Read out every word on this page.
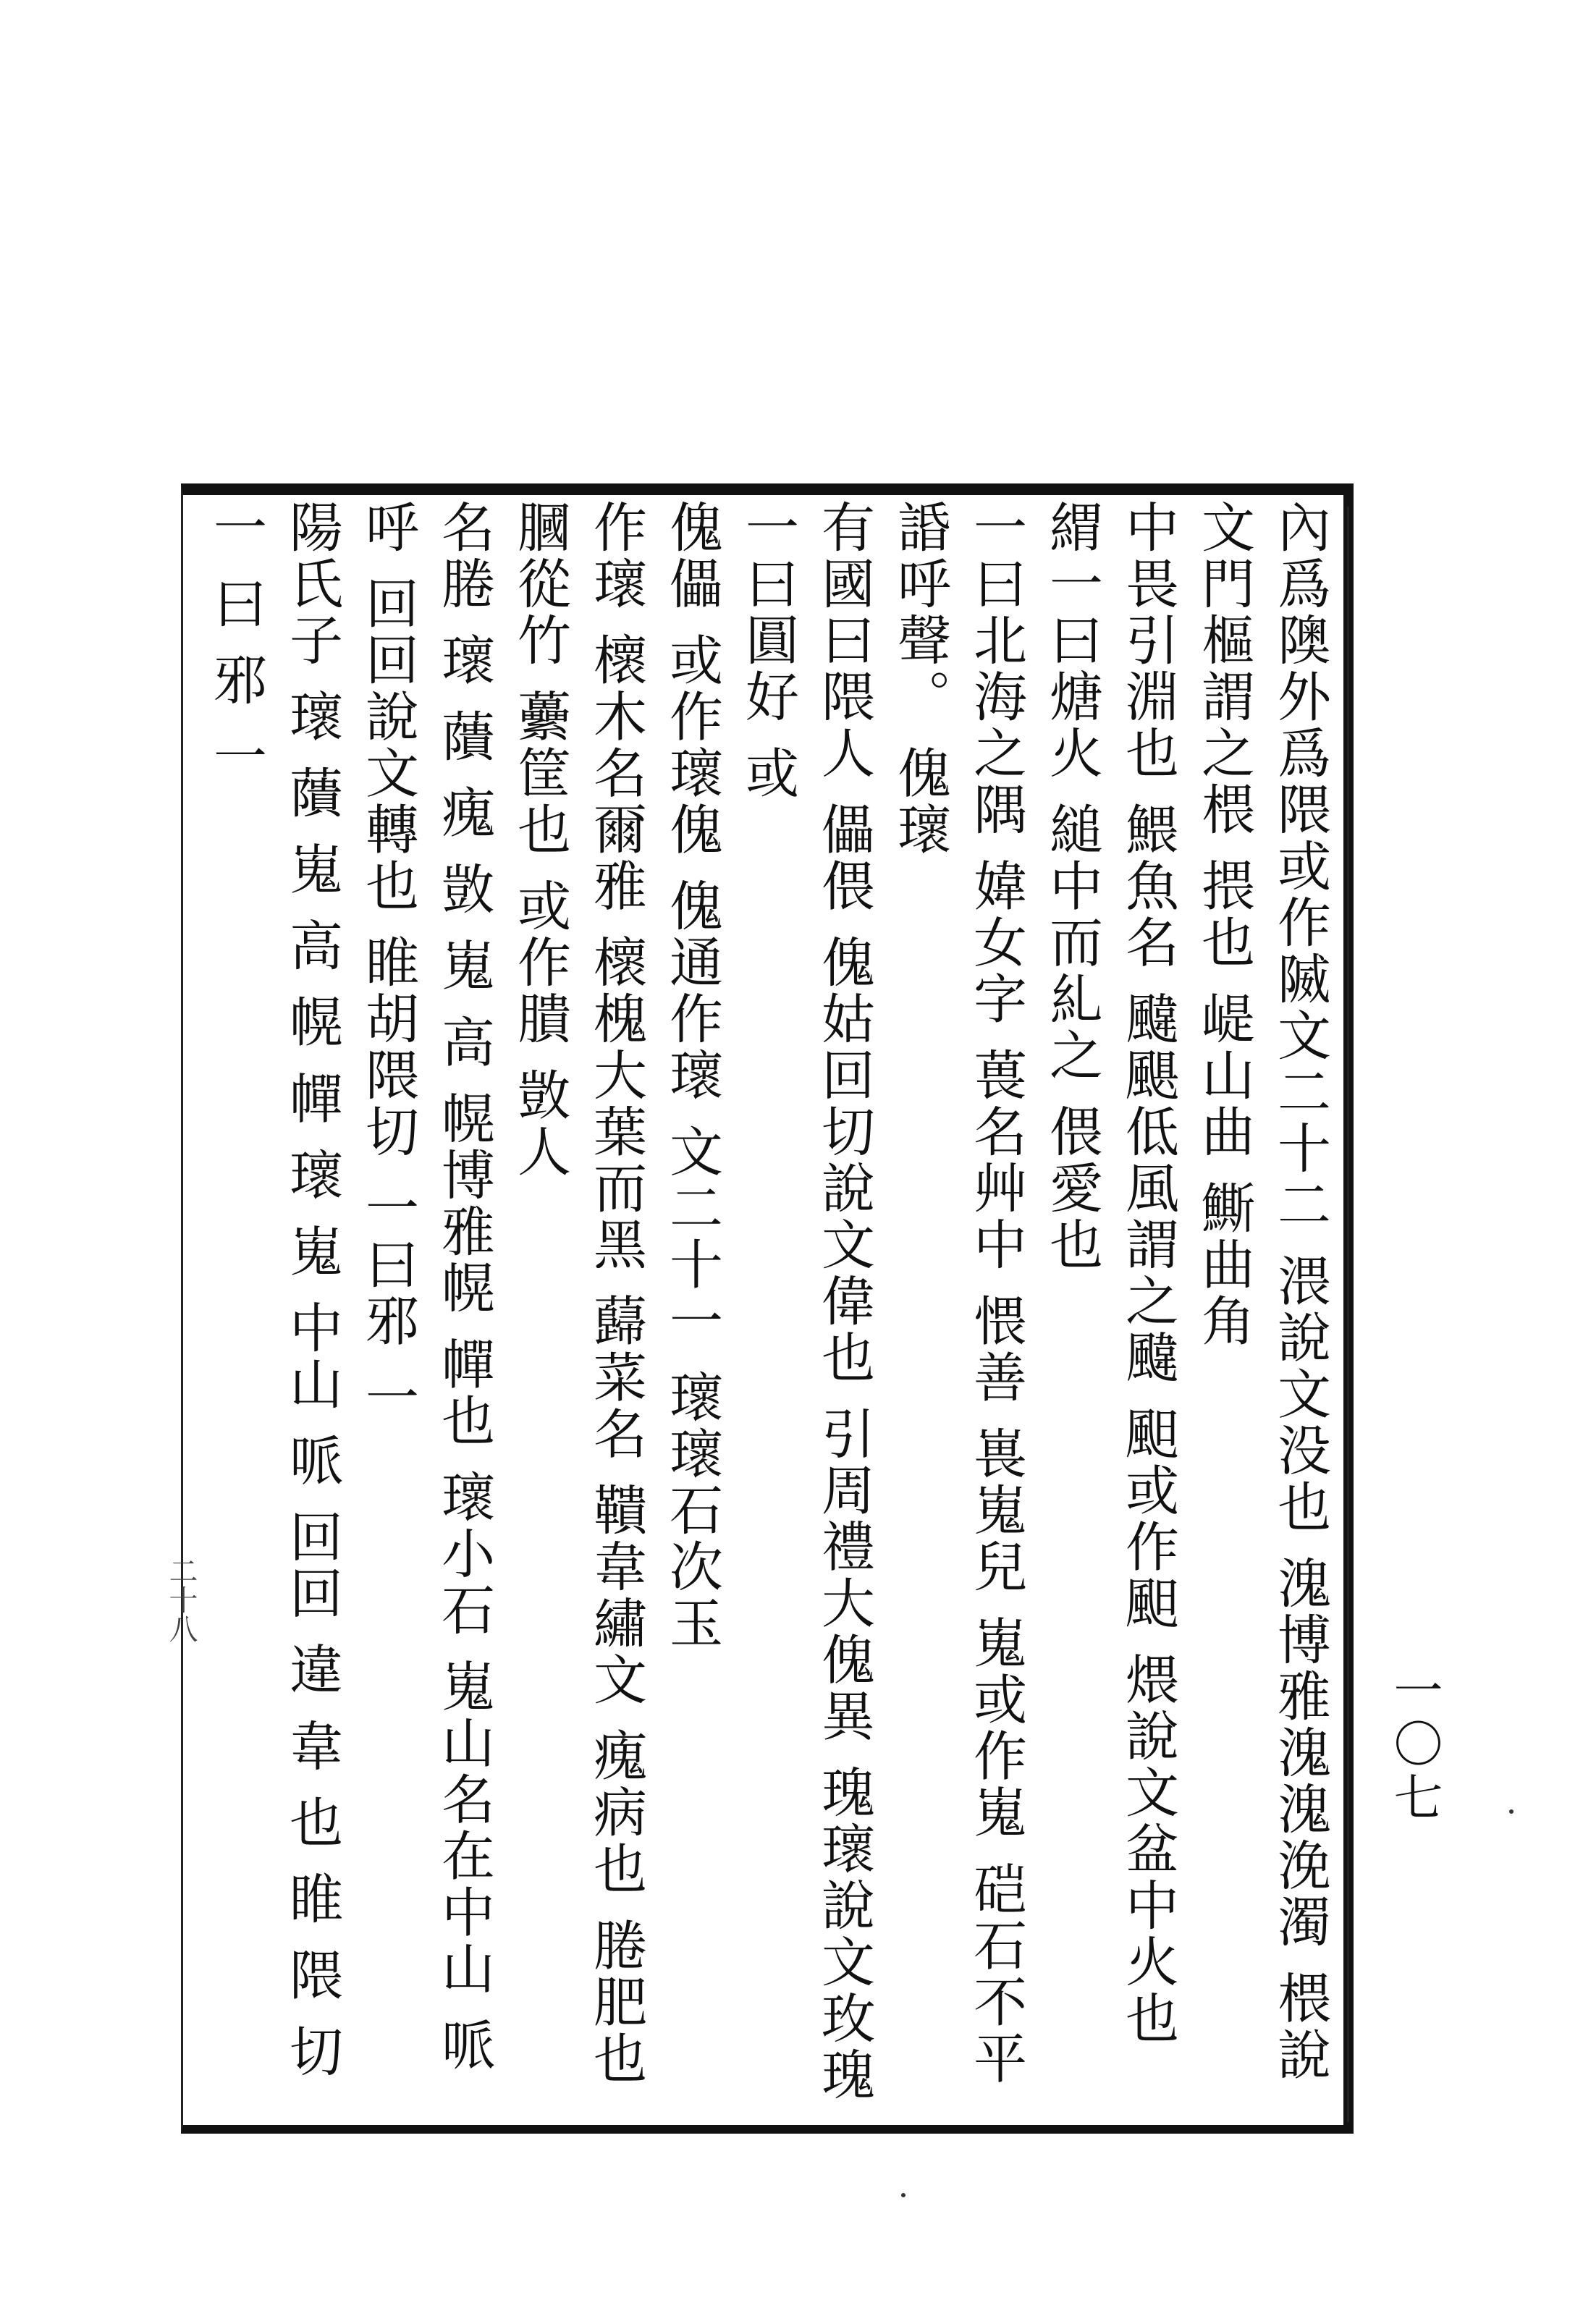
內爲隩外爲隈或作隇文二十二 渨說文没也 溾博雅溾溾浼濁 椳說文門樞謂之椳 揋也 崼山曲 䲉曲角
中畏引淵也 鰃魚名 颹颶低風謂之颹 䫻或作䫻 煨說文盆中火也 緭一曰煻火 縋中而糺之 偎愛也
一曰北海之隅 媁女字 葨名艸中 愄善 嵔嵬兒 嵬或作嵬 硙石不平 諙呼聲。 傀瓌
有國曰隈人 儡偎 傀姑回切說文偉也 引周禮大傀異 瑰瓌說文玫瑰一曰圓好 或
傀儡 或作瓌傀 傀通作瓌 文二十一 瓌瓌石次玉
作瓌 櫰木名爾雅 櫰槐大葉而黑 蘬菜名 鞼韋繡文 瘣病也 腃肥也 膕從竹 虆筐也 或作膭 敳人
名腃 瓌 藬 瘣 敳 嵬 高 幌博雅幌 幝也 瓌小石 嵬山名在中山 哌呼 回回說文轉也 睢胡隈切 一曰邪 一
陽氏子 瓌 藬 嵬 高 幌 幝 瓌 嵬 中山 哌 回回 違 韋 也 睢 隈 切 一 曰 邪 一
一〇七
二十八
